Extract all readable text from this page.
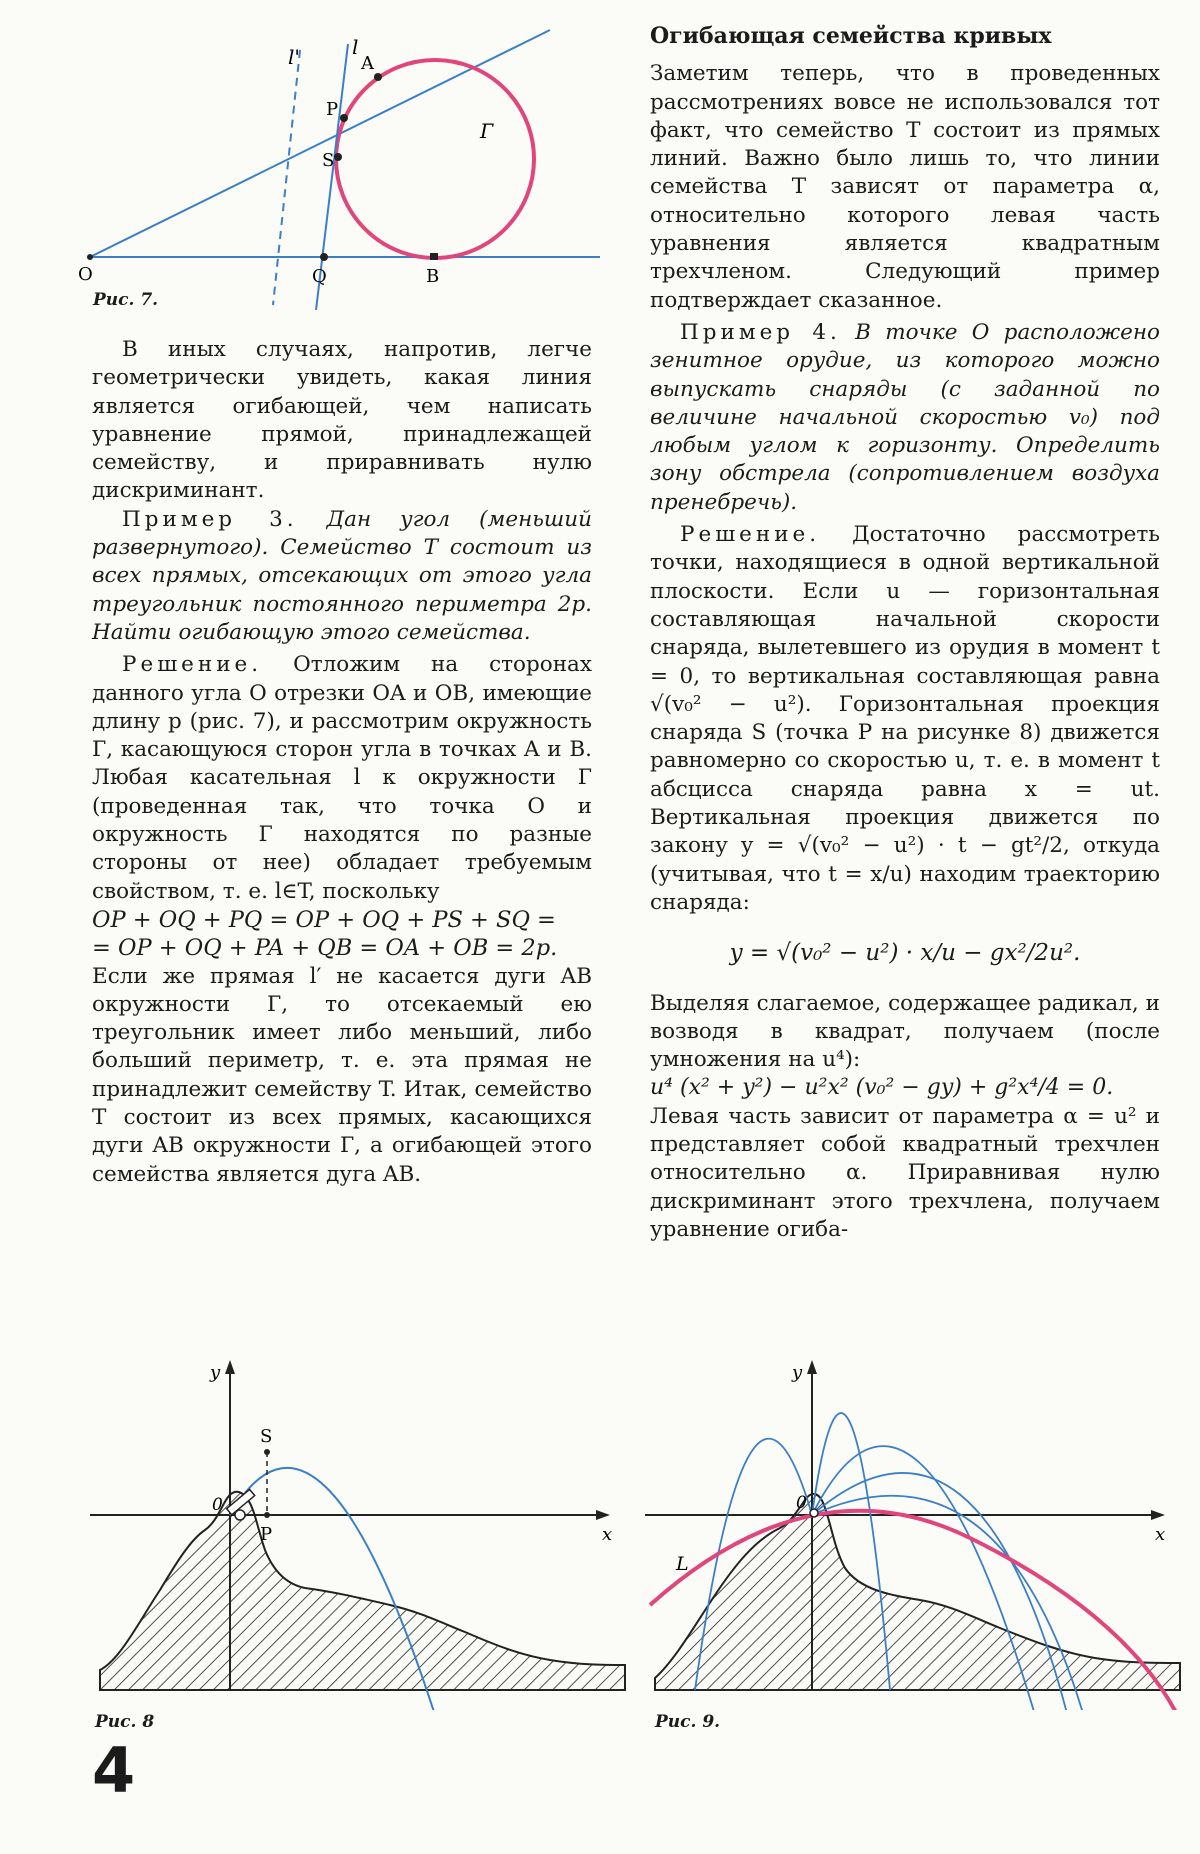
O	Q	B
A
P
S
Г
l
l'
Рис. 7.

В иных случаях, напротив, легче геометрически увидеть, какая линия является огибающей, чем написать уравнение прямой, принадлежащей семейству, и приравнивать нулю дискриминант.

Пример 3. Дан угол (меньший развернутого). Семейство T состоит из всех прямых, отсекающих от этого угла треугольник постоянного периметра 2p. Найти огибающую этого семейства.

Решение. Отложим на сторонах данного угла O отрезки OA и OB, имеющие длину p (рис. 7), и рассмотрим окружность Г, касающуюся сторон угла в точках A и B. Любая касательная l к окружности Г (проведенная так, что точка O и окружность Г находятся по разные стороны от нее) обладает требуемым свойством, т. е. l∈T, поскольку

OP + OQ + PQ = OP + OQ + PS + SQ =

= OP + OQ + PA + QB = OA + OB = 2p.

Если же прямая l′ не касается дуги AB окружности Г, то отсекаемый ею треугольник имеет либо меньший, либо больший периметр, т. е. эта прямая не принадлежит семейству T. Итак, семейство T состоит из всех прямых, касающихся дуги AB окружности Г, а огибающей этого семейства является дуга AB.

Огибающая семейства кривых

Заметим теперь, что в проведенных рассмотрениях вовсе не использовался тот факт, что семейство T состоит из прямых линий. Важно было лишь то, что линии семейства T зависят от параметра α, относительно которого левая часть уравнения является квадратным трехчленом. Следующий пример подтверждает сказанное.

Пример 4. В точке O расположено зенитное орудие, из которого можно выпускать снаряды (с заданной по величине начальной скоростью v₀) под любым углом к горизонту. Определить зону обстрела (сопротивлением воздуха пренебречь).

Решение. Достаточно рассмотреть точки, находящиеся в одной вертикальной плоскости. Если u — горизонтальная составляющая начальной скорости снаряда, вылетевшего из орудия в момент t = 0, то вертикальная составляющая равна √(v₀² − u²). Горизонтальная проекция снаряда S (точка P на рисунке 8) движется равномерно со скоростью u, т. е. в момент t абсцисса снаряда равна x = ut. Вертикальная проекция движется по закону y = √(v₀² − u²) · t − gt²/2, откуда (учитывая, что t = x/u) находим траекторию снаряда:

y = √(v₀² − u²) · x/u − gx²/2u².

Выделяя слагаемое, содержащее радикал, и возводя в квадрат, получаем (после умножения на u⁴):

u⁴ (x² + y²) − u²x² (v₀² − gy) + g²x⁴/4 = 0.

Левая часть зависит от параметра α = u² и представляет собой квадратный трехчлен относительно α. Приравнивая нулю дискриминант этого трехчлена, получаем уравнение огиба-

S
P
y
x
0
Рис. 8
L
y
x
0
Рис. 9.
4
